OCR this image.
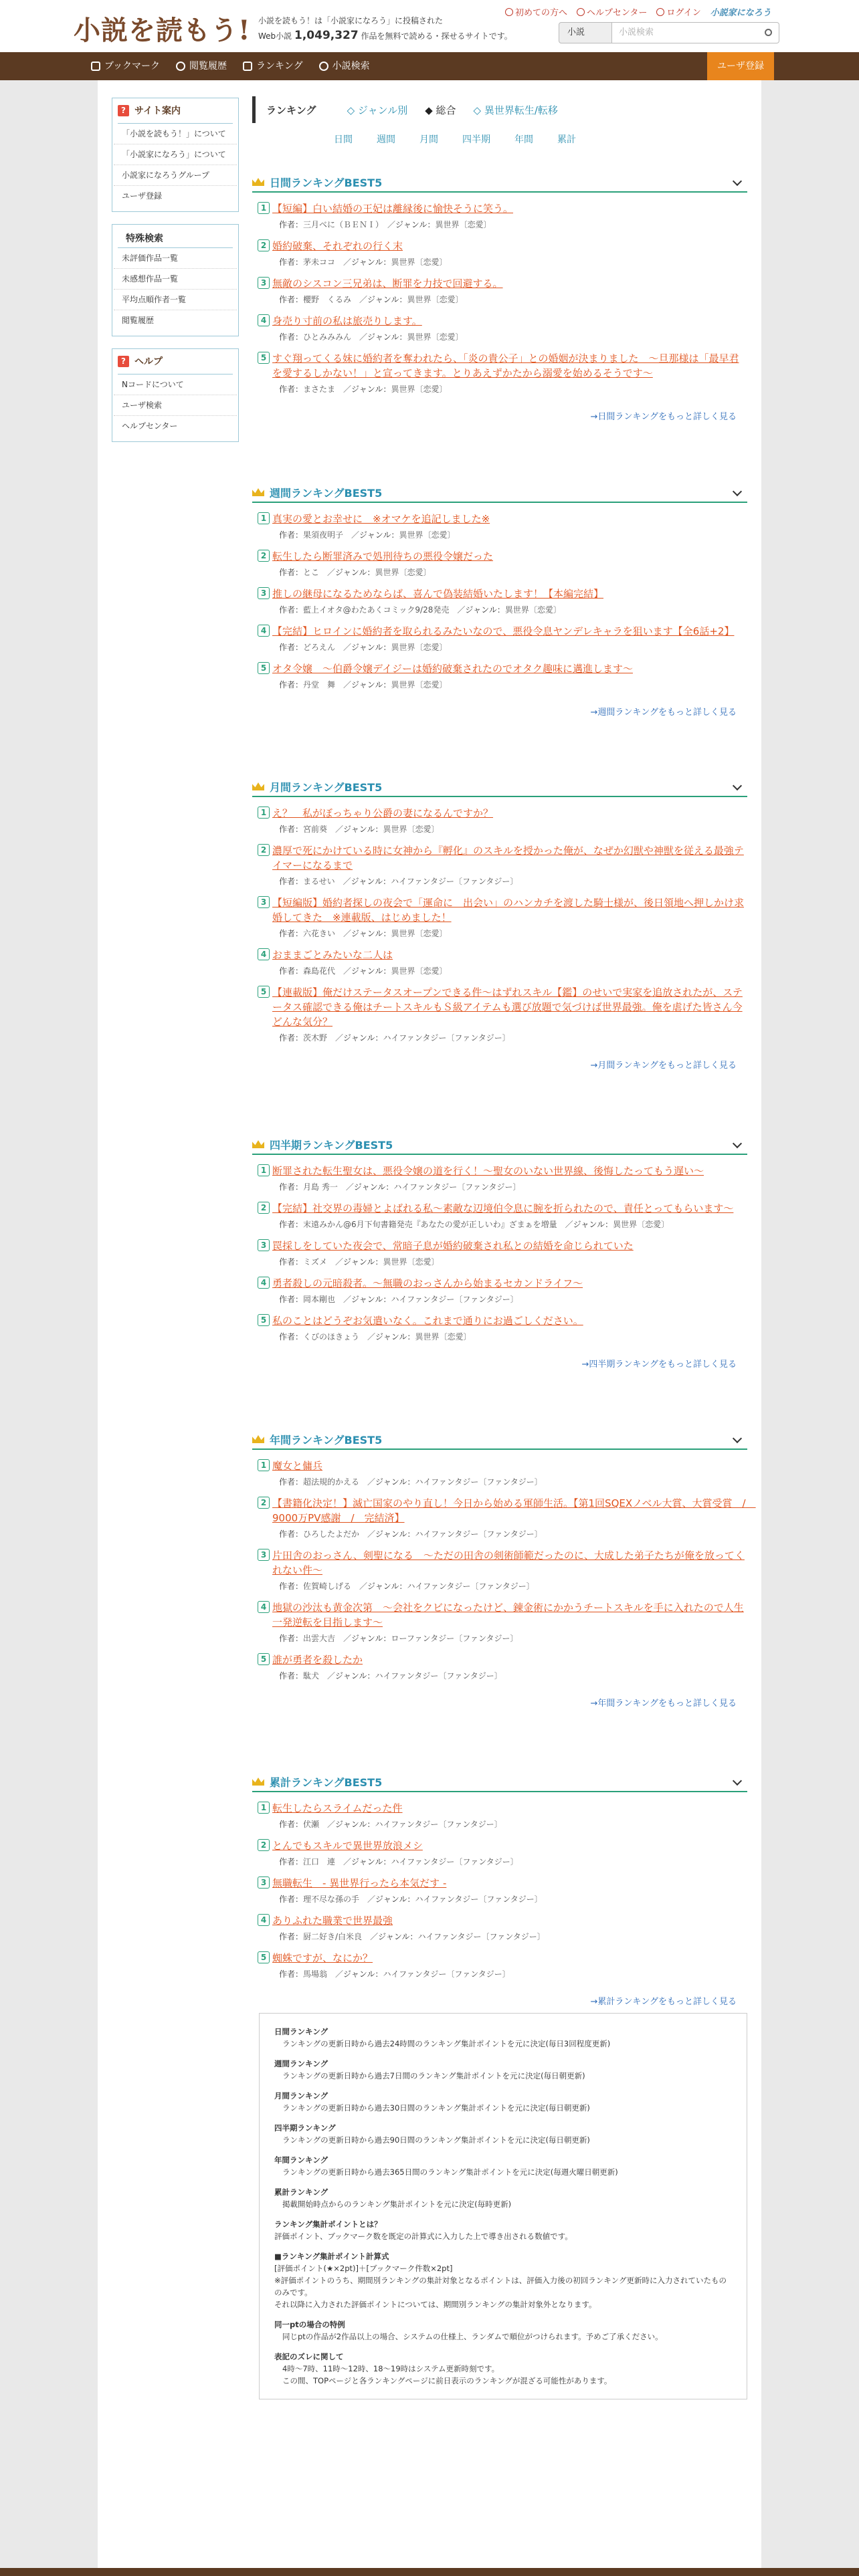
小説を読もう! 小説を読もう！は「小説家になろう」に投稿された
Web小説 1,049,327 作品を無料で読める・探せるサイトです。
初めての方へ	ヘルプセンター	ログイン 小説家になろう
小説	小説検索
ブックマーク	閲覧履歴	ランキング	小説検索	ユーザ登録
? サイト案内
「小説を読もう！」について
「小説家になろう」について
小説家になろうグループ
ユーザ登録
特殊検索
未評価作品一覧
未感想作品一覧
平均点順作者一覧
閲覧履歴
? ヘルプ
Nコードについて
ユーザ検索
ヘルプセンター
ランキング	◇ ジャンル別 ◆ 総合 ◇ 異世界転生/転移
日間	週間	月間	四半期	年間	累計
日間ランキングBEST5
1 【短編】白い結婚の王妃は離縁後に愉快そうに笑う。
作者：三月べに（ＢＥＮＩ）　／ジャンル：異世界〔恋愛〕
2 婚約破棄、それぞれの行く末
作者：茅未ココ　／ジャンル：異世界〔恋愛〕
3 無敵のシスコン三兄弟は、断罪を力技で回避する。
作者：櫻野　くるみ　／ジャンル：異世界〔恋愛〕
4 身売り寸前の私は旅売りします。
作者：ひとみみみん　／ジャンル：異世界〔恋愛〕
5 すぐ翔ってくる妹に婚約者を奪われたら、「炎の貴公子」との婚姻が決まりました　～旦那様は「最早君を愛するしかない！」と宣ってきます。とりあえずかたから溺愛を始めるそうです～
作者：まさたま　／ジャンル：異世界〔恋愛〕
→日間ランキングをもっと詳しく見る
週間ランキングBEST5
1 真実の愛とお幸せに　※オマケを追記しました※
作者：果須夜明子　／ジャンル：異世界〔恋愛〕
2 転生したら断罪済みで処刑待ちの悪役令嬢だった
作者：とこ　／ジャンル：異世界〔恋愛〕
3 推しの継母になるためならば、喜んで偽装結婚いたします！【本編完結】
作者：藍上イオタ@わたあくコミック9/28発売　／ジャンル：異世界〔恋愛〕
4 【完結】ヒロインに婚約者を取られるみたいなので、悪役令息ヤンデレキャラを狙います【全6話+2】
作者：どろえん　／ジャンル：異世界〔恋愛〕
5 オタ令嬢　～伯爵令嬢デイジーは婚約破棄されたのでオタク趣味に邁進します～
作者：丹堂　舞　／ジャンル：異世界〔恋愛〕
→週間ランキングをもっと詳しく見る
月間ランキングBEST5
1 え？　私がぼっちゃり公爵の妻になるんですか？
作者：宮前葵　／ジャンル：異世界〔恋愛〕
2 濃厚で死にかけている時に女神から『孵化』のスキルを授かった俺が、なぜか幻獣や神獣を従える最強テイマーになるまで
作者：まるせい　／ジャンル：ハイファンタジー〔ファンタジー〕
3 【短編版】婚約者探しの夜会で「運命に　出会い」のハンカチを渡した騎士様が、後日領地へ押しかけ求婚してきた　※連載版、はじめました！
作者：六花きい　／ジャンル：異世界〔恋愛〕
4 おままごとみたいな二人は
作者：森島花代　／ジャンル：異世界〔恋愛〕
5 【連載版】俺だけステータスオープンできる件～はずれスキル【鑑】のせいで実家を追放されたが、ステータス確認できる俺はチートスキルもＳ級アイテムも選び放題で気づけば世界最強。俺を虐げた皆さん今どんな気分？
作者：茨木野　／ジャンル：ハイファンタジー〔ファンタジー〕
→月間ランキングをもっと詳しく見る
四半期ランキングBEST5
1 断罪された転生聖女は、悪役令嬢の道を行く！～聖女のいない世界線、後悔したってもう遅い～
作者：月島 秀一　／ジャンル：ハイファンタジー〔ファンタジー〕
2 【完結】社交界の毒婦とよばれる私～素敵な辺境伯令息に腕を折られたので、責任とってもらいます～
作者：末遠みかん@6月下旬書籍発売『あなたの愛が正しいわ』ざまぁを増量　／ジャンル：異世界〔恋愛〕
3 罠採しをしていた夜会で、常暗子息が婚約破棄され私との結婚を命じられていた
作者：ミズメ　／ジャンル：異世界〔恋愛〕
4 勇者殺しの元暗殺者。～無職のおっさんから始まるセカンドライフ～
作者：岡本剛也　／ジャンル：ハイファンタジー〔ファンタジー〕
5 私のことはどうぞお気遣いなく。これまで通りにお過ごしください。
作者：くびのほきょう　／ジャンル：異世界〔恋愛〕
→四半期ランキングをもっと詳しく見る
年間ランキングBEST5
1 魔女と傭兵
作者：超法規的かえる　／ジャンル：ハイファンタジー〔ファンタジー〕
2 【書籍化決定！】滅亡国家のやり直し！今日から始める軍師生活。【第1回SQEXノベル大賞、大賞受賞　/　9000万PV感謝　/　完結済】
作者：ひろしたよだか　／ジャンル：ハイファンタジー〔ファンタジー〕
3 片田舎のおっさん、剣聖になる　～ただの田舎の剣術師範だったのに、大成した弟子たちが俺を放ってくれない件～
作者：佐賀崎しげる　／ジャンル：ハイファンタジー〔ファンタジー〕
4 地獄の沙汰も黄金次第　～会社をクビになったけど、錬金術にかかうチートスキルを手に入れたので人生一発逆転を目指します～
作者：出雲大吉　／ジャンル：ローファンタジー〔ファンタジー〕
5 誰が勇者を殺したか
作者：駄犬　／ジャンル：ハイファンタジー〔ファンタジー〕
→年間ランキングをもっと詳しく見る
累計ランキングBEST5
1 転生したらスライムだった件
作者：伏瀬　／ジャンル：ハイファンタジー〔ファンタジー〕
2 とんでもスキルで異世界放浪メシ
作者：江口　連　／ジャンル：ハイファンタジー〔ファンタジー〕
3 無職転生　- 異世界行ったら本気だす -
作者：理不尽な孫の手　／ジャンル：ハイファンタジー〔ファンタジー〕
4 ありふれた職業で世界最強
作者：厨二好き/白米良　／ジャンル：ハイファンタジー〔ファンタジー〕
5 蜘蛛ですが、なにか？
作者：馬場翁　／ジャンル：ハイファンタジー〔ファンタジー〕
→累計ランキングをもっと詳しく見る
日間ランキング
ランキングの更新日時から過去24時間のランキング集計ポイントを元に決定(毎日3回程度更新)
週間ランキング
ランキングの更新日時から過去7日間のランキング集計ポイントを元に決定(毎日朝更新)
月間ランキング
ランキングの更新日時から過去30日間のランキング集計ポイントを元に決定(毎日朝更新)
四半期ランキング
ランキングの更新日時から過去90日間のランキング集計ポイントを元に決定(毎日朝更新)
年間ランキング
ランキングの更新日時から過去365日間のランキング集計ポイントを元に決定(毎週火曜日朝更新)
累計ランキング
掲載開始時点からのランキング集計ポイントを元に決定(毎時更新)
ランキング集計ポイントとは？
評価ポイント、ブックマーク数を既定の計算式に入力した上で導き出される数値です。
■ランキング集計ポイント計算式
[評価ポイント(★×2pt)]＋[ブックマーク件数×2pt]
※評価ポイントのうち、期間別ランキングの集計対象となるポイントは、評価入力後の初回ランキング更新時に入力されていたもののみです。
それ以降に入力された評価ポイントについては、期間別ランキングの集計対象外となります。
同一ptの場合の特例
同じptの作品が2作品以上の場合、システムの仕様上、ランダムで順位がつけられます。予めご了承ください。
表記のズレに関して
4時〜7時、11時〜12時、18〜19時はシステム更新時刻です。
この間、TOPページと各ランキングページに前日表示のランキングが混ざる可能性があります。
